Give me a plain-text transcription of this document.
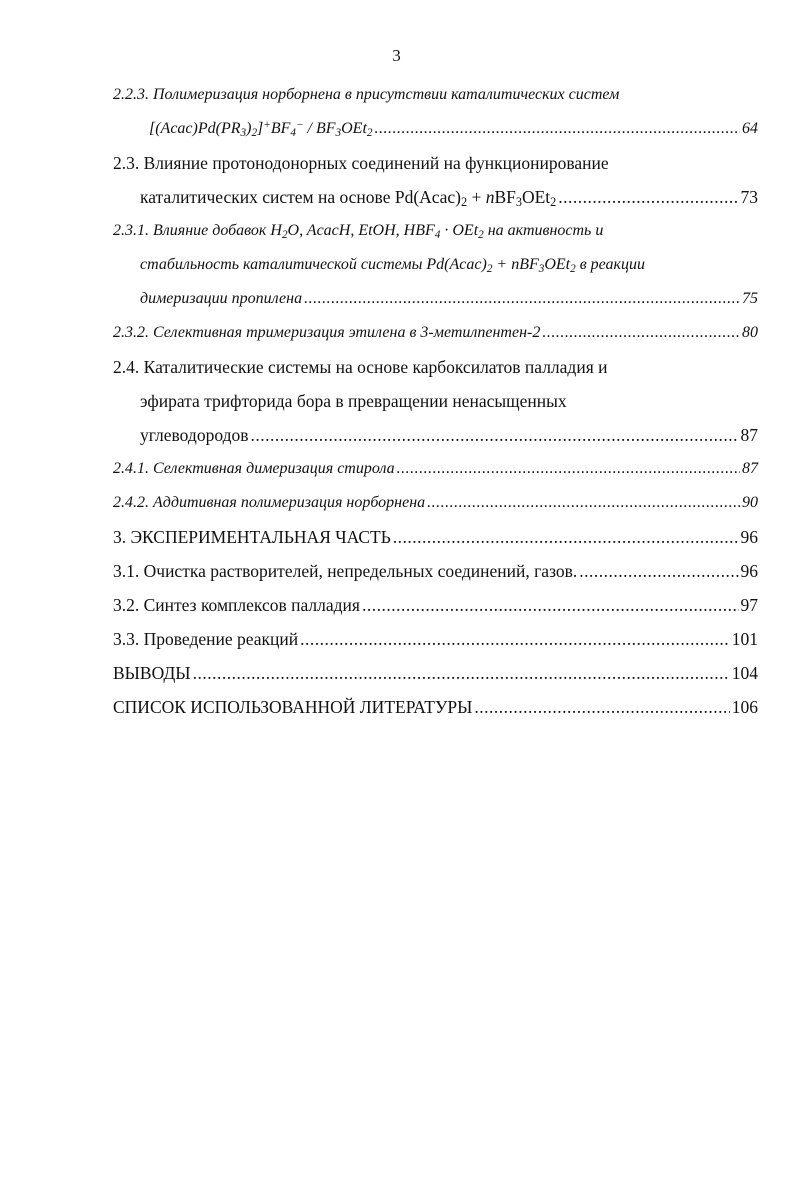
3
2.2.3. Полимеризация норборнена в присутствии каталитических систем
$[(Acac)Pd(PR_3)_2]^+BF_4^- / BF_3OEt_2$ .....	64
2.3. Влияние протонодонорных соединений на функционирование
каталитических систем на основе $Pd(Acac)_2 + nBF_3OEt_2$ .....	73
2.3.1. Влияние добавок $H_2O$, AcacH, EtOH, $HBF_4 \cdot OEt_2$ на активность и
стабильность каталитической системы $Pd(Acac)_2 + nBF_3OEt_2$ в реакции
димеризации пропилена .....	75
2.3.2. Селективная тримеризация этилена в 3-метилпентен-2 .....	80
2.4. Каталитические системы на основе карбоксилатов палладия и
эфирата трифторида бора в превращении ненасыщенных
углеводородов .....	87
2.4.1. Селективная димеризация стирола .....	87
2.4.2. Аддитивная полимеризация норборнена .....	90
3. ЭКСПЕРИМЕНТАЛЬНАЯ ЧАСТЬ .....	96
3.1. Очистка растворителей, непредельных соединений, газов. .....	96
3.2. Синтез комплексов палладия .....	97
3.3. Проведение реакций .....	101
ВЫВОДЫ .....	104
СПИСОК ИСПОЛЬЗОВАННОЙ ЛИТЕРАТУРЫ .....	106
